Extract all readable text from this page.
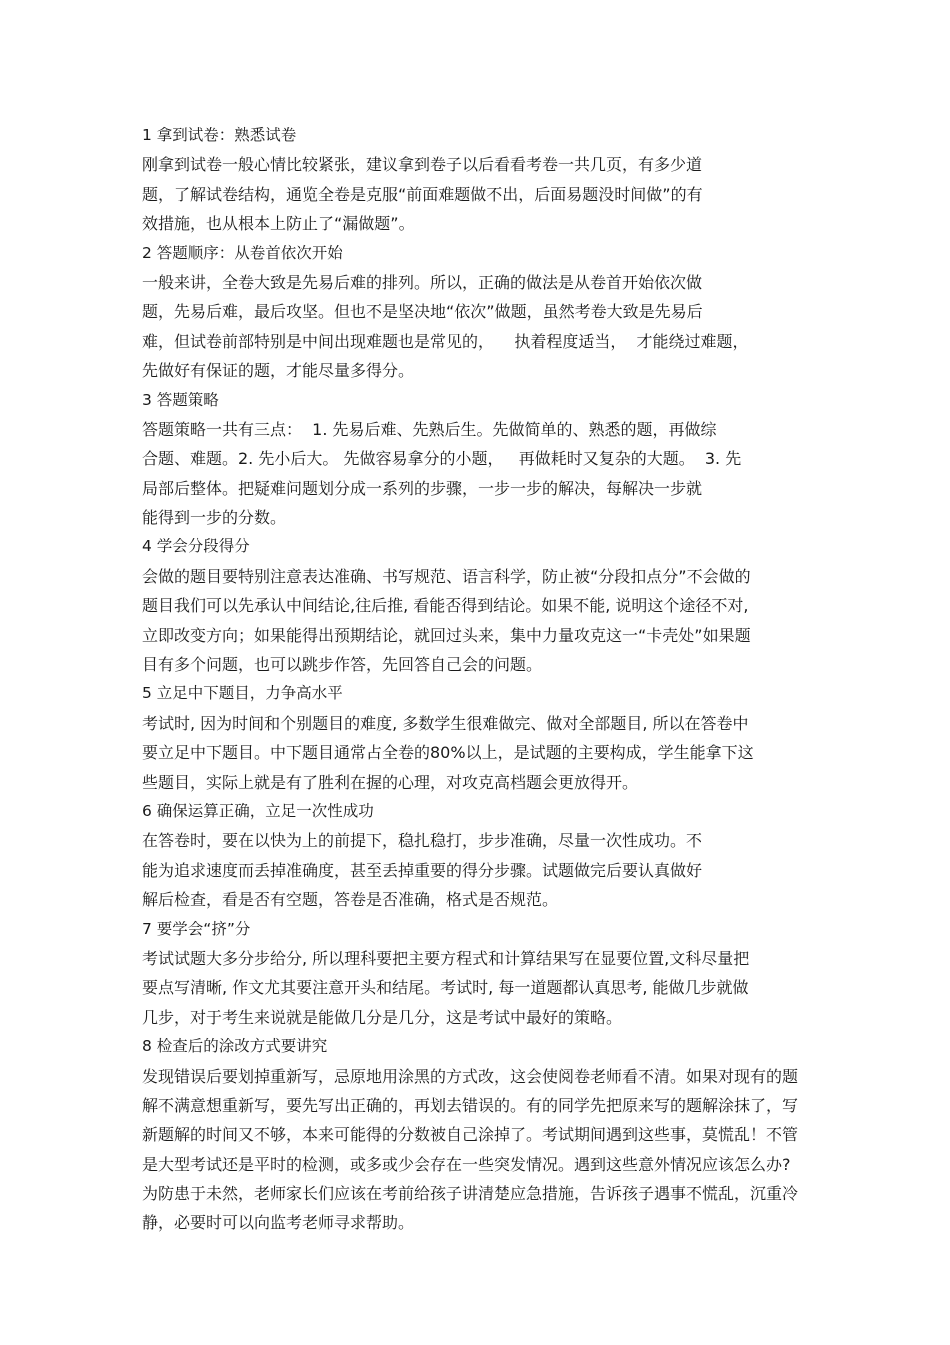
1 拿到试卷：熟悉试卷
刚拿到试卷一般心情比较紧张，建议拿到卷子以后看看考卷一共几页，有多少道
题，了解试卷结构，通览全卷是克服“前面难题做不出，后面易题没时间做”的有
效措施，也从根本上防止了“漏做题”。
2 答题顺序：从卷首依次开始
一般来讲，全卷大致是先易后难的排列。所以，正确的做法是从卷首开始依次做
题，先易后难，最后攻坚。但也不是坚决地“依次”做题，虽然考卷大致是先易后
难，但试卷前部特别是中间出现难题也是常见的，    执着程度适当，  才能绕过难题，
先做好有保证的题，才能尽量多得分。
3 答题策略
答题策略一共有三点：  1. 先易后难、先熟后生。先做简单的、熟悉的题，再做综
合题、难题。2. 先小后大。 先做容易拿分的小题，   再做耗时又复杂的大题。  3. 先
局部后整体。把疑难问题划分成一系列的步骤，一步一步的解决，每解决一步就
能得到一步的分数。
4 学会分段得分
会做的题目要特别注意表达准确、书写规范、语言科学，防止被“分段扣点分”不会做的
题目我们可以先承认中间结论,往后推, 看能否得到结论。如果不能, 说明这个途径不对,
立即改变方向；如果能得出预期结论，就回过头来，集中力量攻克这一“卡壳处”如果题
目有多个问题，也可以跳步作答，先回答自己会的问题。
5 立足中下题目，力争高水平
考试时, 因为时间和个别题目的难度, 多数学生很难做完、做对全部题目, 所以在答卷中
要立足中下题目。中下题目通常占全卷的80%以上，是试题的主要构成，学生能拿下这
些题目，实际上就是有了胜利在握的心理，对攻克高档题会更放得开。
6 确保运算正确，立足一次性成功
在答卷时，要在以快为上的前提下，稳扎稳打，步步准确，尽量一次性成功。不
能为追求速度而丢掉准确度，甚至丢掉重要的得分步骤。试题做完后要认真做好
解后检查，看是否有空题，答卷是否准确，格式是否规范。
7 要学会“挤”分
考试试题大多分步给分, 所以理科要把主要方程式和计算结果写在显要位置,文科尽量把
要点写清晰, 作文尤其要注意开头和结尾。考试时, 每一道题都认真思考, 能做几步就做
几步，对于考生来说就是能做几分是几分，这是考试中最好的策略。
8 检查后的涂改方式要讲究
发现错误后要划掉重新写，忌原地用涂黑的方式改，这会使阅卷老师看不清。如果对现有的题
解不满意想重新写，要先写出正确的，再划去错误的。有的同学先把原来写的题解涂抹了，写
新题解的时间又不够，本来可能得的分数被自己涂掉了。考试期间遇到这些事，莫慌乱！不管
是大型考试还是平时的检测，或多或少会存在一些突发情况。遇到这些意外情况应该怎么办?
为防患于未然，老师家长们应该在考前给孩子讲清楚应急措施，告诉孩子遇事不慌乱，沉重冷
静，必要时可以向监考老师寻求帮助。
